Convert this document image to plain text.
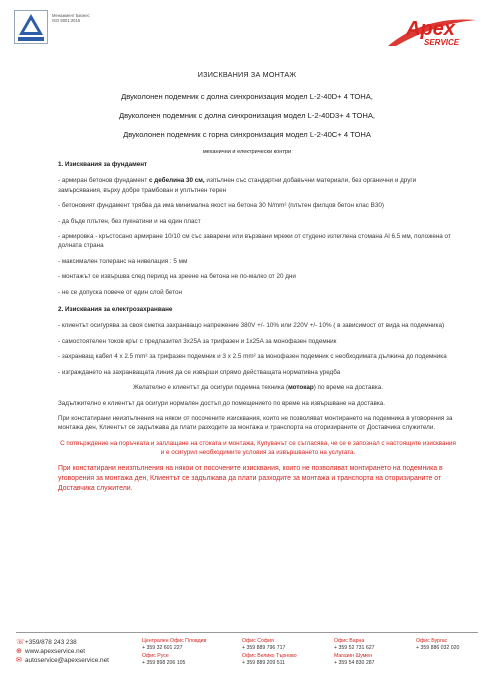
Менажмент Бизнес
ISO 9001:2015	Apex
SERVICE
ИЗИСКВАНИЯ ЗА МОНТАЖ
Двуколонен подемник с долна синхронизация модел L-2-40D+ 4 ТОНА,
Двуколонен подемник с долна синхронизация модел L-2-40D3+ 4 ТОНА,
Двуколонен подемник с горна синхронизация модел L-2-40C+ 4 ТОНА
механични и електрически контри
1. Изисквания за фундамент
- армиран бетонов фундамент с дебелина 30 см, изпълнен със стандартни добавъчни материали, без органични и други замърсявания, върху добре трамбован и уплътнен терен
- бетоновият фундамент трябва да има минимална якост на бетона 30 N/mm² (плътен филцов бетон клас В30)
- да бъде плътен, без пукнатини и на един пласт
- армировка - кръстосано армиране 10/10 см със заварени или вързвани мрежи от студено изтеглена стомана Al 6.5 мм, положена от долната страна
- максимален толеранс на нивелация : 5 мм
- монтажът се извършва след период на зреене на бетона не по-малко от 20 дни
- не се допуска повече от един слой бетон
2. Изисквания за електрозахранване
- клиентът осигурява за своя сметка захранващо напрежение 380V +/- 10% или 220V +/- 10% ( в зависимост от вида на подемника)
- самостоятелен токов кръг с предпазител 3x25A за трифазен и 1x25A за монофазен подемник
- захранващ кабел 4 x 2.5 mm² за трифазен подемник и 3 x 2.5 mm² за монофазен подемник с необходимата дължина до подемника
- изграждането на захранващата линия да се извърши спрямо действащата нормативна уредба
Желателно е клиентът да осигури подемна техника (мотокар) по време на доставка.
Задължително е клиентът да осигури нормален достъп до помещението по време на извършване на доставка.
При констатирани неизпълнения на някои от посочените изисквания, които не позволяват монтирането на подемника в уговорения за монтажа ден, Клиентът се задължава да плати разходите за монтажа и транспорта на оторизираните от Доставчика служители.
С потвърждение на поръчката и заплащане на стоката и монтажа, Купувачът се съгласява, че се е запознал с настоящите изисквания и е осигурил необходимите условия за извършването на услугата.
При констатирани неизпълнения на някои от посочените изисквания, които не позволяват монтирането на подемника в уговорения за монтажа ден, Клиентът се задължава да плати разходите за монтажа и транспорта на оторизираните от Доставчика служители.
☏+359/878 243 238
⊕ www.apexservice.net
✉ autoservice@apexservice.net
Централен Офис Пловдив
+ 359 32 601 227
Офис Русе
+ 359 898 206 105
Офис София
+ 359 889 796 717
Офис Велико Търново
+ 359 889 209 511
Офис Варна
+ 359 52 731 627
Магазин Шумен
+ 359 54 830 287
Офис Бургас
+ 359 886 032 020
